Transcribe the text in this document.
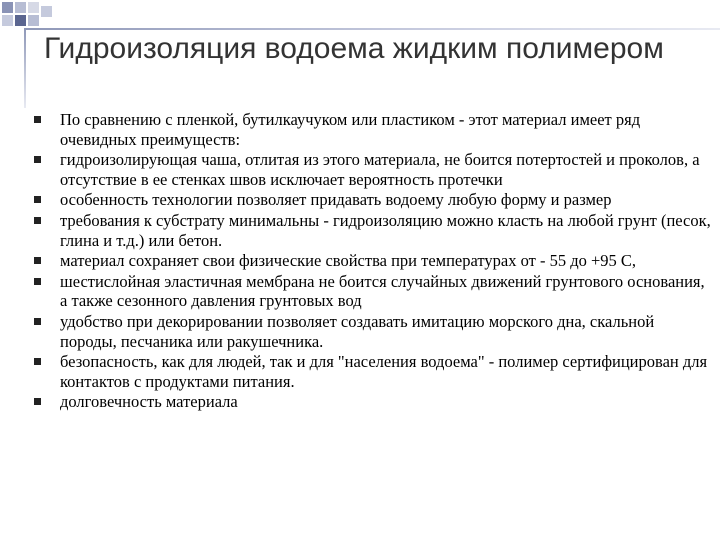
Гидроизоляция водоема жидким полимером
По сравнению с пленкой, бутилкаучуком или пластиком - этот материал имеет ряд очевидных преимуществ:
гидроизолирующая чаша, отлитая из этого материала, не боится потертостей и проколов, а отсутствие в ее стенках швов исключает вероятность протечки
особенность технологии позволяет придавать водоему любую форму и размер
требования к субстрату минимальны - гидроизоляцию можно класть на любой грунт (песок, глина и т.д.) или бетон.
материал сохраняет свои физические свойства при температурах от - 55 до +95 С,
шестислойная эластичная мембрана не боится случайных движений грунтового основания, а также сезонного давления грунтовых вод
удобство при декорировании позволяет создавать имитацию морского дна, скальной породы, песчаника или ракушечника.
безопасность, как для людей, так и для "населения водоема" - полимер сертифицирован для контактов с продуктами питания.
долговечность материала
